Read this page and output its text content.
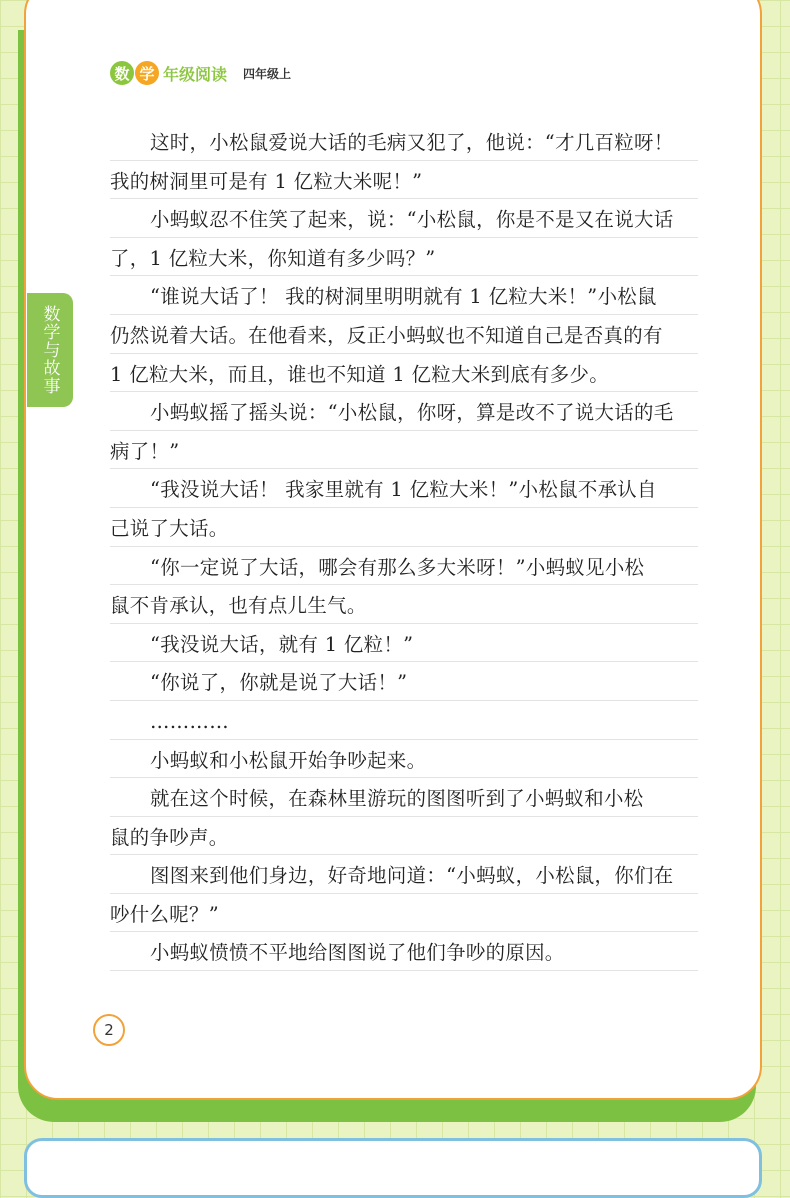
数 学 年级阅读 四年级上
数学与故事
这时，小松鼠爱说大话的毛病又犯了，他说：“才几百粒呀！
我的树洞里可是有 1 亿粒大米呢！”
小蚂蚁忍不住笑了起来，说：“小松鼠，你是不是又在说大话
了，1 亿粒大米，你知道有多少吗？”
“谁说大话了！ 我的树洞里明明就有 1 亿粒大米！”小松鼠
仍然说着大话。在他看来，反正小蚂蚁也不知道自己是否真的有
1 亿粒大米，而且，谁也不知道 1 亿粒大米到底有多少。
小蚂蚁摇了摇头说：“小松鼠，你呀，算是改不了说大话的毛
病了！”
“我没说大话！ 我家里就有 1 亿粒大米！”小松鼠不承认自
己说了大话。
“你一定说了大话，哪会有那么多大米呀！”小蚂蚁见小松
鼠不肯承认，也有点儿生气。
“我没说大话，就有 1 亿粒！”
“你说了，你就是说了大话！”
…………
小蚂蚁和小松鼠开始争吵起来。
就在这个时候，在森林里游玩的图图听到了小蚂蚁和小松
鼠的争吵声。
图图来到他们身边，好奇地问道：“小蚂蚁，小松鼠，你们在
吵什么呢？”
小蚂蚁愤愤不平地给图图说了他们争吵的原因。
2
